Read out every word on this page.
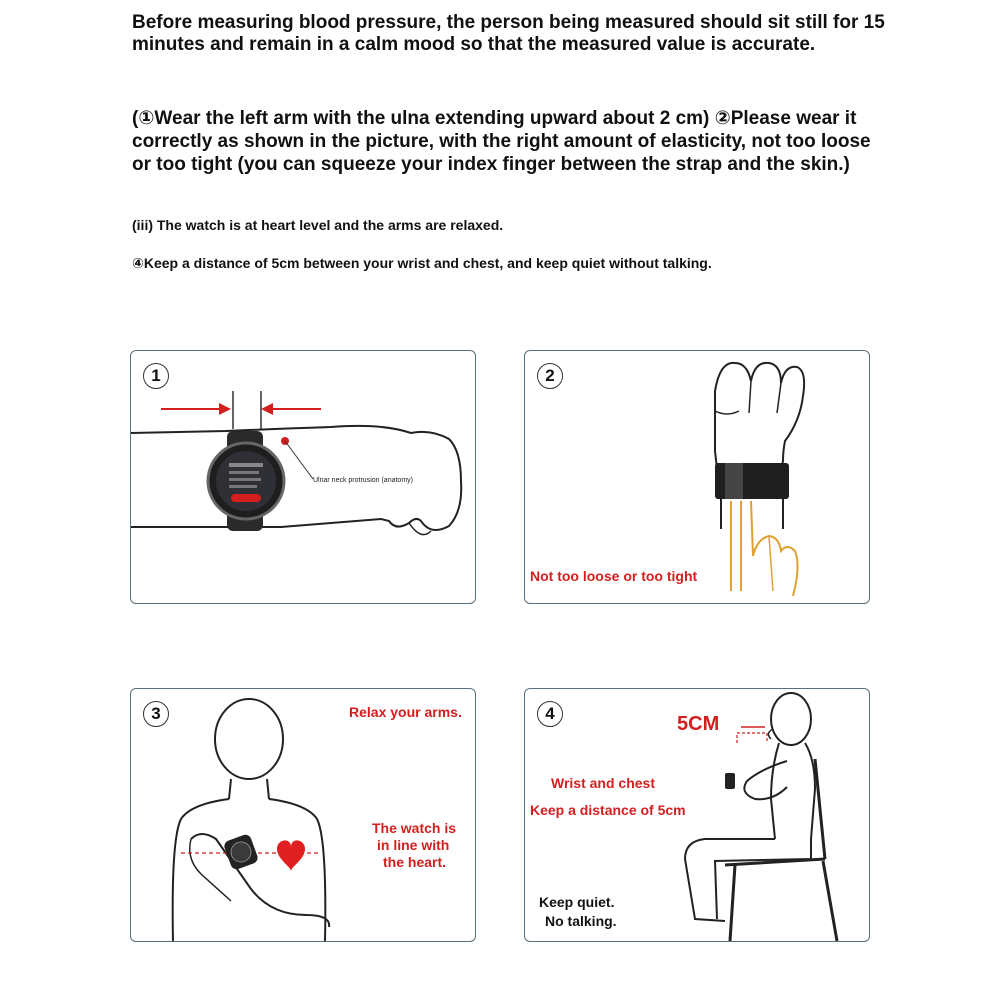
Before measuring blood pressure, the person being measured should sit still for 15 minutes and remain in a calm mood so that the measured value is accurate.
(①Wear the left arm with the ulna extending upward about 2 cm) ②Please wear it correctly as shown in the picture, with the right amount of elasticity, not too loose or too tight (you can squeeze your index finger between the strap and the skin.)
(iii) The watch is at heart level and the arms are relaxed.
④Keep a distance of 5cm between your wrist and chest, and keep quiet without talking.
1
Ulnar neck protrusion (anatomy)
2
Not too loose or too tight
3	Relax your arms.
The watch is
in line with
the heart.
4	5CM
Wrist and chest
Keep a distance of 5cm
Keep quiet.
No talking.
